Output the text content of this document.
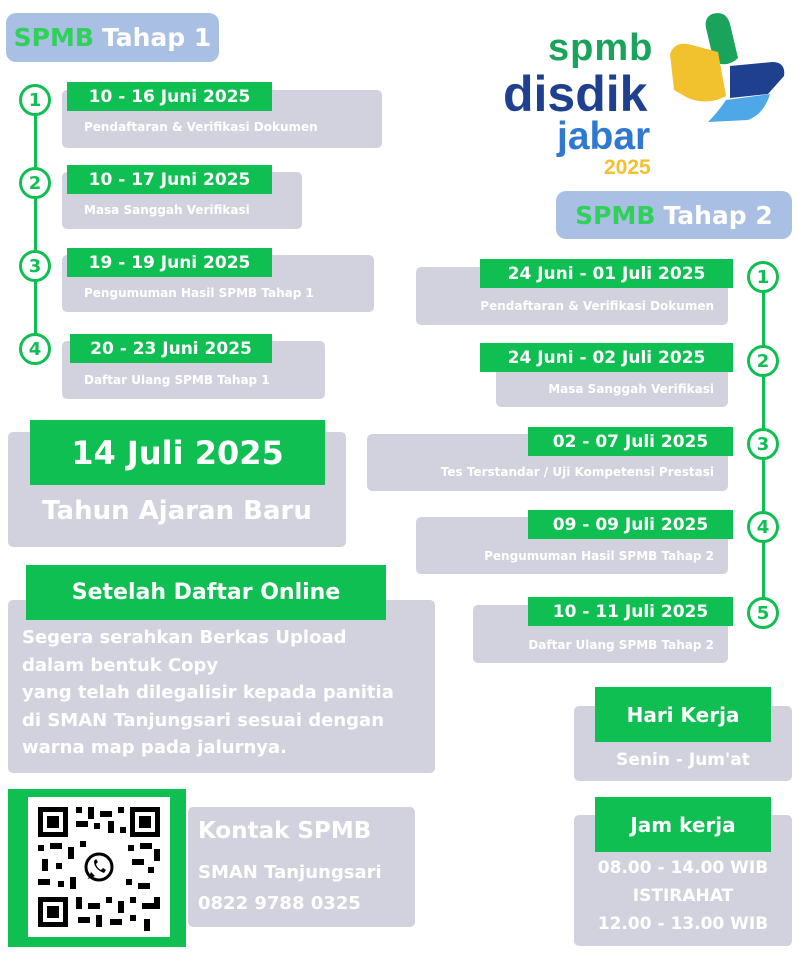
SPMB Tahap 1
Pendaftaran & Verifikasi Dokumen
10 - 16 Juni 2025
1
Masa Sanggah Verifikasi
10 - 17 Juni 2025
2
Pengumuman Hasil SPMB Tahap 1
19 - 19 Juni 2025
3
Daftar Ulang SPMB Tahap 1
20 - 23 Juni 2025
4
14 Juli 2025
Tahun Ajaran Baru
Setelah Daftar Online
Segera serahkan Berkas Upload
dalam bentuk Copy
yang telah dilegalisir kepada panitia
di SMAN Tanjungsari sesuai dengan
warna map pada jalurnya.
Kontak SPMB
SMAN Tanjungsari
0822 9788 0325
spmb
disdik
jabar
2025
SPMB Tahap 2
Pendaftaran & Verifikasi Dokumen
24 Juni - 01 Juli 2025	1
Masa Sanggah Verifikasi
24 Juni - 02 Juli 2025	2
Tes Terstandar / Uji Kompetensi Prestasi
02 - 07 Juli 2025	3
Pengumuman Hasil SPMB Tahap 2
09 - 09 Juli 2025	4
Daftar Ulang SPMB Tahap 2
10 - 11 Juli 2025	5
Hari Kerja
Senin - Jum'at
Jam kerja
08.00 - 14.00 WIB
ISTIRAHAT
12.00 - 13.00 WIB
